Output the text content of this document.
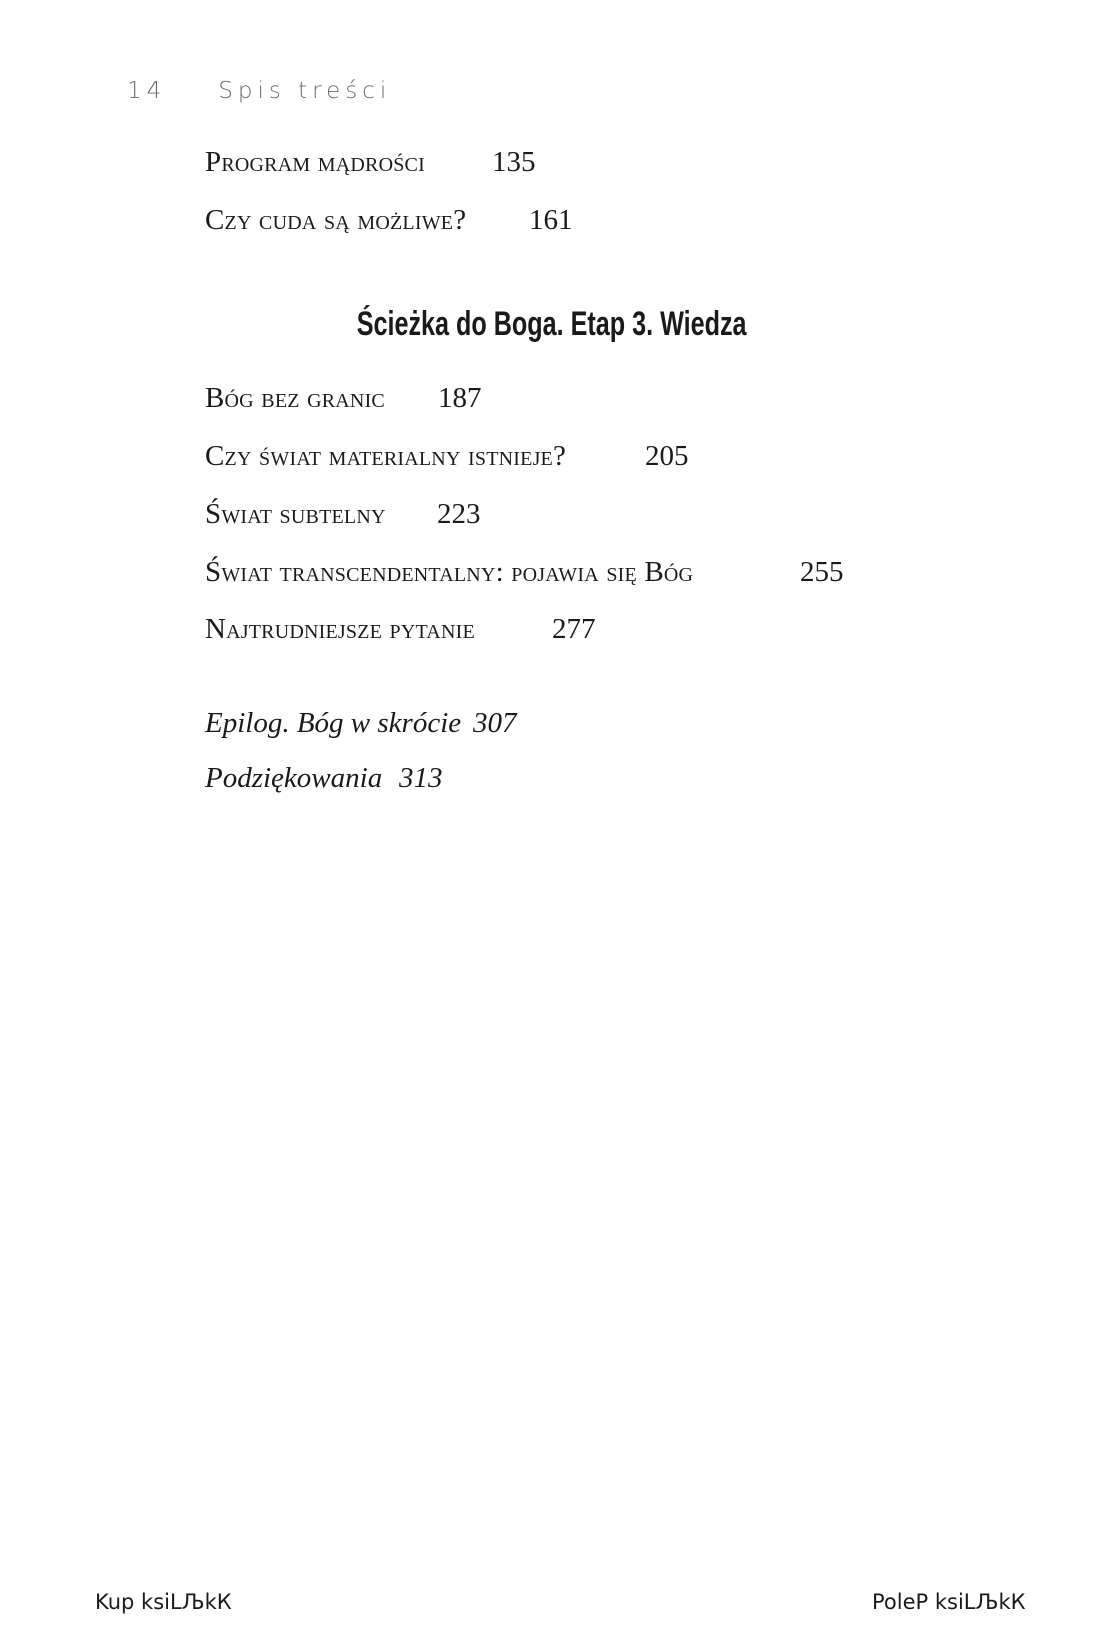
14 Spis treści
Program mądrości 135
Czy cuda są możliwe? 161
Ścieżka do Boga. Etap 3. Wiedza
Bóg bez granic 187
Czy świat materialny istnieje?	205
Świat subtelny 223
Świat transcendentalny: pojawia się Bóg	255
Najtrudniejsze pytanie	277
Epilog. Bóg w skrócie 307
Podziękowania 313
Kup ksiLЉkК	PoleР ksiLЉkК
